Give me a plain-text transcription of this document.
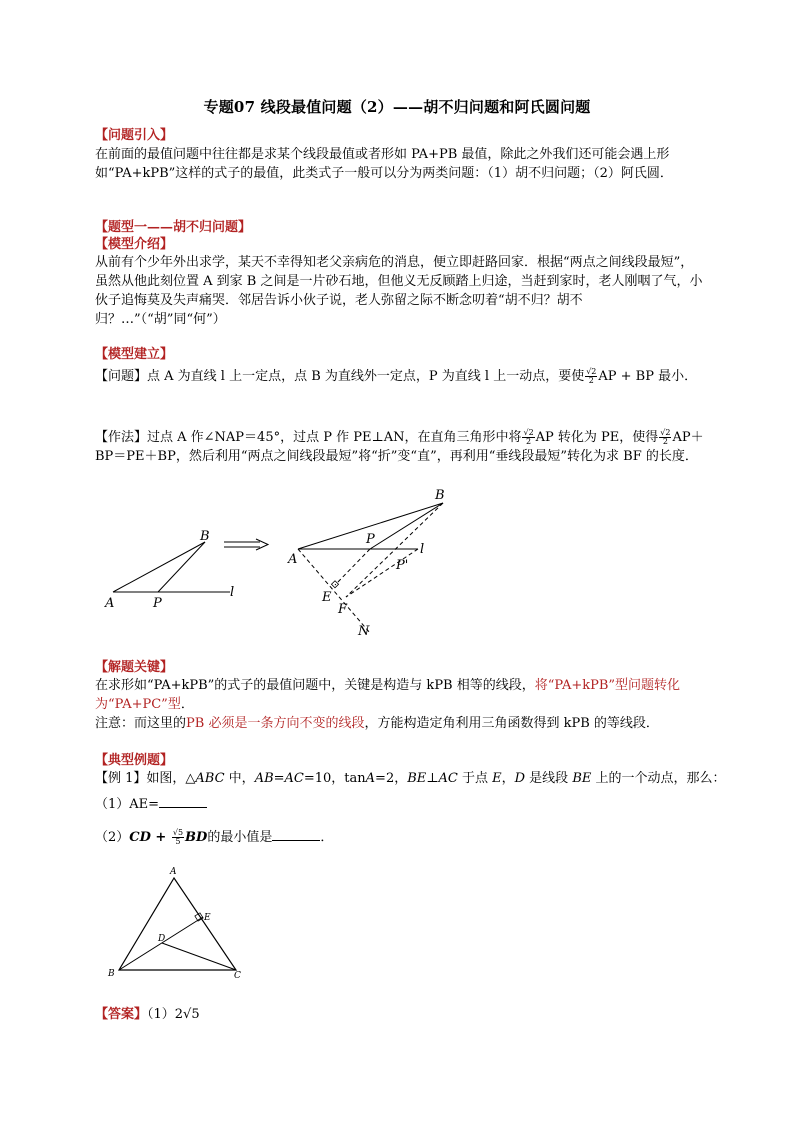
专题07 线段最值问题（2）——胡不归问题和阿氏圆问题
【问题引入】
在前面的最值问题中往往都是求某个线段最值或者形如 PA+PB 最值，除此之外我们还可能会遇上形如“PA+kPB”这样的式子的最值，此类式子一般可以分为两类问题：（1）胡不归问题；（2）阿氏圆．
【题型一——胡不归问题】
【模型介绍】
从前有个少年外出求学，某天不幸得知老父亲病危的消息，便立即赶路回家．根据“两点之间线段最短”，虽然从他此刻位置 A 到家 B 之间是一片砂石地，但他义无反顾踏上归途，当赶到家时，老人刚咽了气，小伙子追悔莫及失声痛哭．邻居告诉小伙子说，老人弥留之际不断念叨着“胡不归？胡不归？…”（“胡”同“何”）
【模型建立】
【问题】点 A 为直线 l 上一定点，点 B 为直线外一定点，P 为直线 l 上一动点，要使 $\frac{√2}{2}$ AP + BP 最小．
【作法】过点 A 作∠NAP＝45°，过点 P 作 PE⊥AN，在直角三角形中将 $\frac{√2}{2}$ AP 转化为 PE，使得 $\frac{√2}{2} AP+BP=PE+BP$，然后利用“两点之间线段最短”将“折”变“直”，再利用“垂线段最短”转化为求 BF 的长度．
B
A	P
l
B
A
P
l
P'
E
F
N
【解题关键】
在求形如“PA+kPB”的式子的最值问题中，关键是构造与 kPB 相等的线段，将“PA+kPB”型问题转化为“PA+PC”型．
注意：而这里的PB 必须是一条方向不变的线段，方能构造定角利用三角函数得到 kPB 的等线段．
【典型例题】
【例 1】如图，△ABC 中，AB=AC=10，tanA=2，BE⊥AC 于点 E，D 是线段 BE 上的一个动点，那么：
（1）AE=
$(2)CD + \frac{√5}{5}$ BD的最小值是	．
A
E
D
B	C
【答案】（1）2√5
